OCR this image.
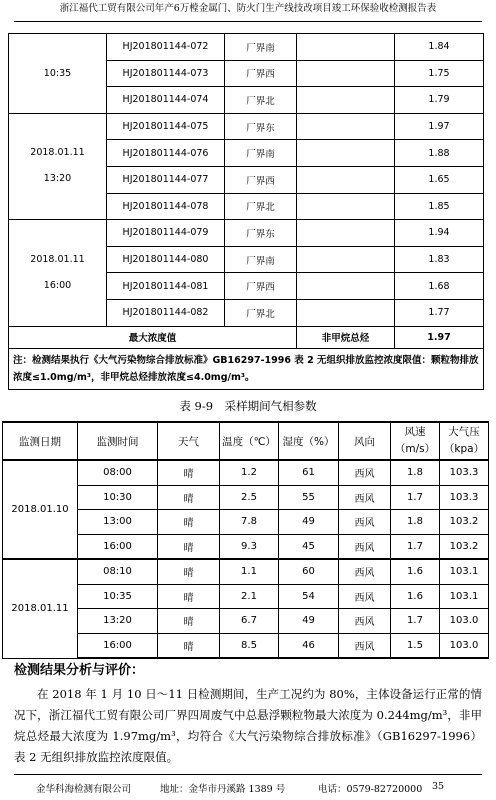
浙江福代工贸有限公司年产6万樘金属门、防火门生产线技改项目竣工环保验收检测报告表
10:35	HJ201801144-072	厂界南		1.84
	HJ201801144-073	厂界西		1.75
	HJ201801144-074	厂界北		1.79

2018.01.11
13:20	HJ201801144-075	厂界东		1.97
	HJ201801144-076	厂界南		1.88
	HJ201801144-077	厂界西		1.65
	HJ201801144-078	厂界北		1.85

2018.01.11
16:00	HJ201801144-079	厂界东		1.94
	HJ201801144-080	厂界南		1.83
	HJ201801144-081	厂界西		1.68
	HJ201801144-082	厂界北		1.77
最大浓度值			非甲烷总烃	1.97
注：检测结果执行《大气污染物综合排放标准》GB16297-1996 表 2 无组织排放监控浓度限值：颗粒物排放浓度≤1.0mg/m³，非甲烷总烃排放浓度≤4.0mg/m³。				
表 9-9　采样期间气相参数
监测日期	监测时间	天气	温度（℃）	湿度（%）	风向	风速（m/s）	大气压（kpa）
2018.01.10	08:00	晴	1.2	61	西风	1.8	103.3
	10:30	晴	2.5	55	西风	1.7	103.3
	13:00	晴	7.8	49	西风	1.8	103.2
	16:00	晴	9.3	45	西风	1.7	103.2
2018.01.11	08:10	晴	1.1	60	西风	1.6	103.1
	10:35	晴	2.1	54	西风	1.6	103.1
	13:20	晴	6.7	49	西风	1.7	103.0
	16:00	晴	8.5	46	西风	1.5	103.0
检测结果分析与评价：

在 2018 年 1 月 10 日～11 日检测期间，生产工况约为 80%，主体设备运行正常的情况下，浙江福代工贸有限公司厂界四周废气中总悬浮颗粒物最大浓度为 0.244mg/m³，非甲烷总烃最大浓度为 1.97mg/m³，均符合《大气污染物综合排放标准》（GB16297-1996）表 2 无组织排放监控浓度限值。

金华科海检测有限公司	地址：金华市丹溪路 1389 号	电话：0579-82720000 35
